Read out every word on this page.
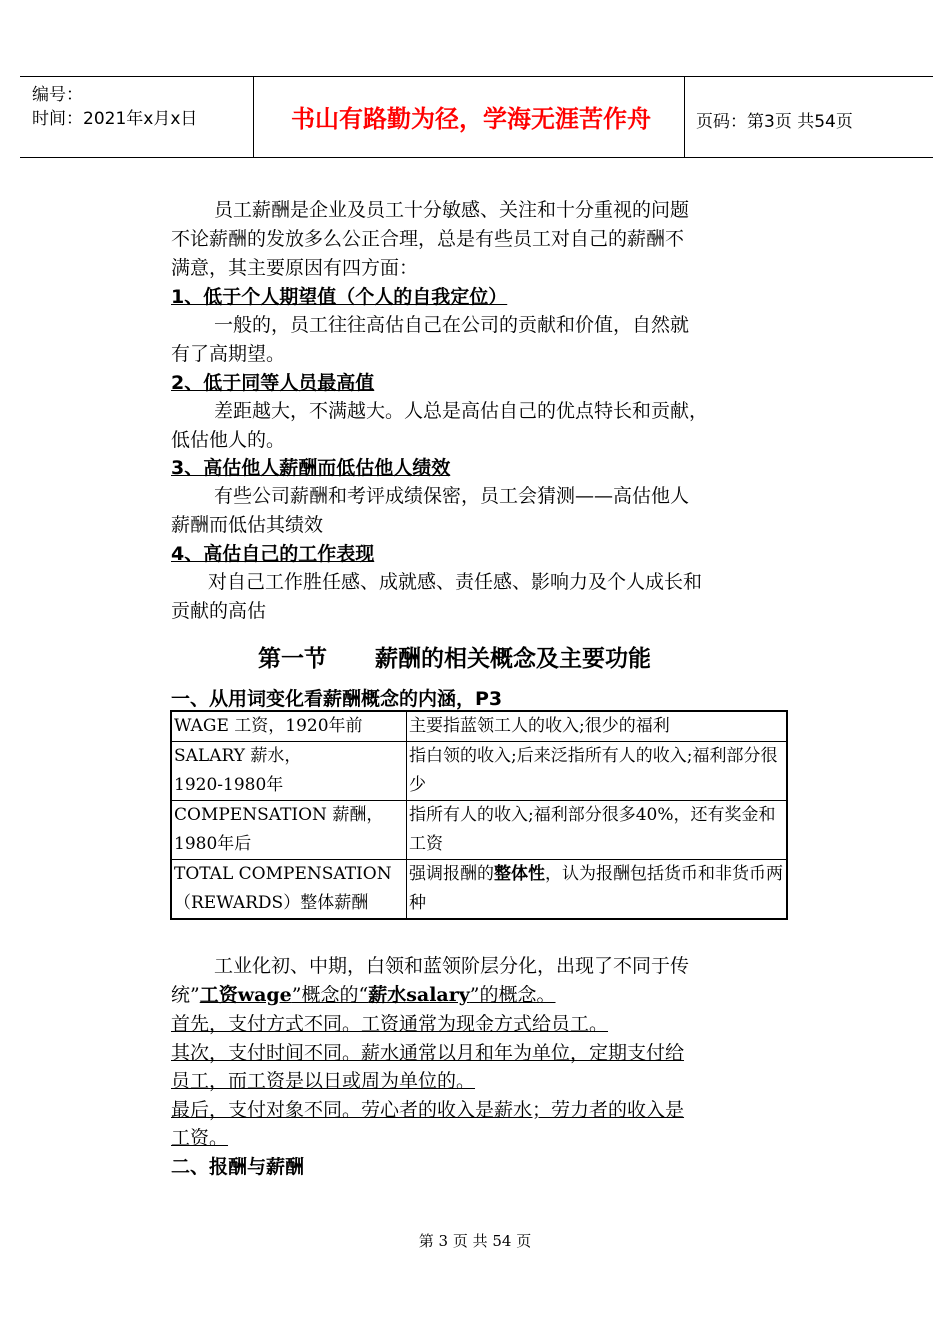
编号：
时间：2021年x月x日	书山有路勤为径，学海无涯苦作舟	页码：第3页 共54页
员工薪酬是企业及员工十分敏感、关注和十分重视的问题
不论薪酬的发放多么公正合理，总是有些员工对自己的薪酬不
满意，其主要原因有四方面：
1、低于个人期望值（个人的自我定位）
一般的，员工往往高估自己在公司的贡献和价值，自然就
有了高期望。
2、低于同等人员最高值
差距越大，不满越大。人总是高估自己的优点特长和贡献，
低估他人的。
3、高估他人薪酬而低估他人绩效
有些公司薪酬和考评成绩保密，员工会猜测——高估他人
薪酬而低估其绩效
4、高估自己的工作表现
对自己工作胜任感、成就感、责任感、影响力及个人成长和
贡献的高估
第一节      薪酬的相关概念及主要功能
一、从用词变化看薪酬概念的内涵，P3
WAGE 工资，1920年前	主要指蓝领工人的收入;很少的福利
SALARY 薪水，
1920-1980年	指白领的收入;后来泛指所有人的收入;福利部分很少
COMPENSATION 薪酬，1980年后	指所有人的收入;福利部分很多40%，还有奖金和工资
TOTAL COMPENSATION（REWARDS）整体薪酬	强调报酬的整体性，认为报酬包括货币和非货币两种
工业化初、中期，白领和蓝领阶层分化，出现了不同于传
统”工资wage”概念的“薪水salary”的概念。
首先，支付方式不同。工资通常为现金方式给员工。
其次，支付时间不同。薪水通常以月和年为单位，定期支付给
员工，而工资是以日或周为单位的。
最后，支付对象不同。劳心者的收入是薪水；劳力者的收入是
工资。
二、报酬与薪酬
第 3 页 共 54 页
